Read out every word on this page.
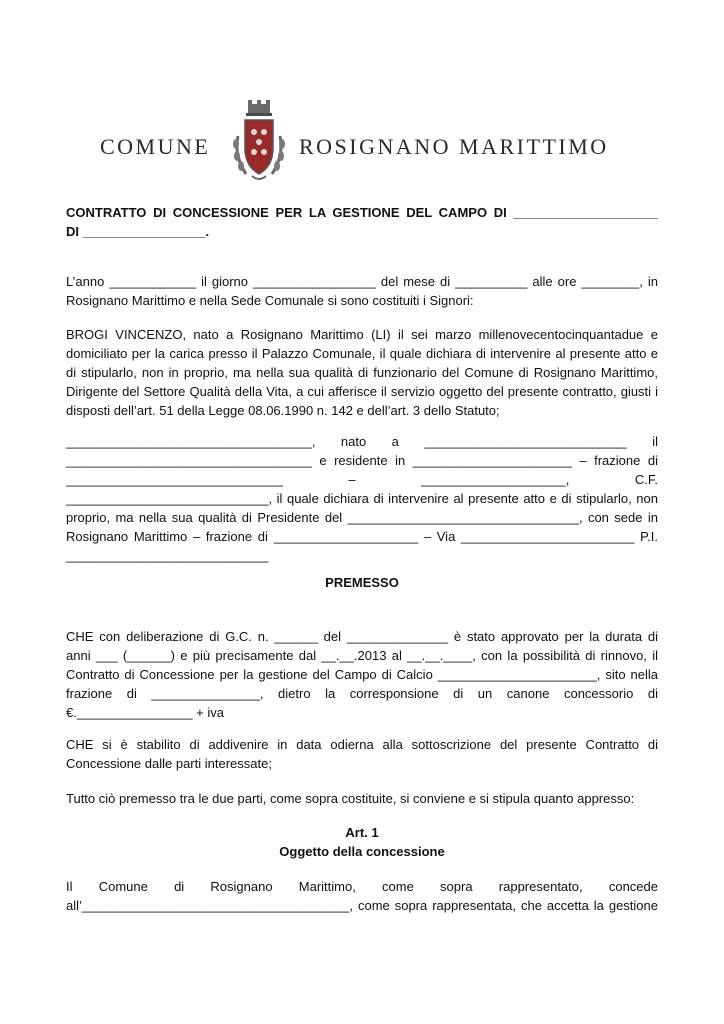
COMUNE	ROSIGNANO MARITTIMO
CONTRATTO DI CONCESSIONE PER LA GESTIONE DEL CAMPO DI ____________________
DI _________________.
L’anno ____________ il giorno _________________ del mese di __________ alle ore ________, in
Rosignano Marittimo e nella Sede Comunale si sono costituiti i Signori:
BROGI VINCENZO, nato a Rosignano Marittimo (LI) il sei marzo millenovecentocinquantadue e
domiciliato per la carica presso il Palazzo Comunale, il quale dichiara di intervenire al presente atto e
di stipularlo, non in proprio, ma nella sua qualità di funzionario del Comune di Rosignano Marittimo,
Dirigente del Settore Qualità della Vita, a cui afferisce il servizio oggetto del presente contratto, giusti i
disposti dell’art. 51 della Legge 08.06.1990 n. 142 e dell’art. 3 dello Statuto;
__________________________________, nato a ____________________________ il
__________________________________ e residente in ______________________ – frazione di
______________________________ – ____________________, C.F.
____________________________, il quale dichiara di intervenire al presente atto e di stipularlo, non
proprio, ma nella sua qualità di Presidente del ________________________________, con sede in
Rosignano Marittimo – frazione di ____________________ – Via ________________________ P.I.
____________________________
PREMESSO
CHE con deliberazione di G.C. n. ______ del ______________ è stato approvato per la durata di
anni ___ (______) e più precisamente dal __.__.2013 al __.__.____, con la possibilità di rinnovo, il
Contratto di Concessione per la gestione del Campo di Calcio ______________________, sito nella
frazione di _______________, dietro la corresponsione di un canone concessorio di
€.________________ + iva
CHE si è stabilito di addivenire in data odierna alla sottoscrizione del presente Contratto di
Concessione dalle parti interessate;
Tutto ciò premesso tra le due parti, come sopra costituite, si conviene e si stipula quanto appresso:
Art. 1
Oggetto della concessione
Il Comune di Rosignano Marittimo, come sopra rappresentato, concede
all’_____________________________________, come sopra rappresentata, che accetta la gestione
